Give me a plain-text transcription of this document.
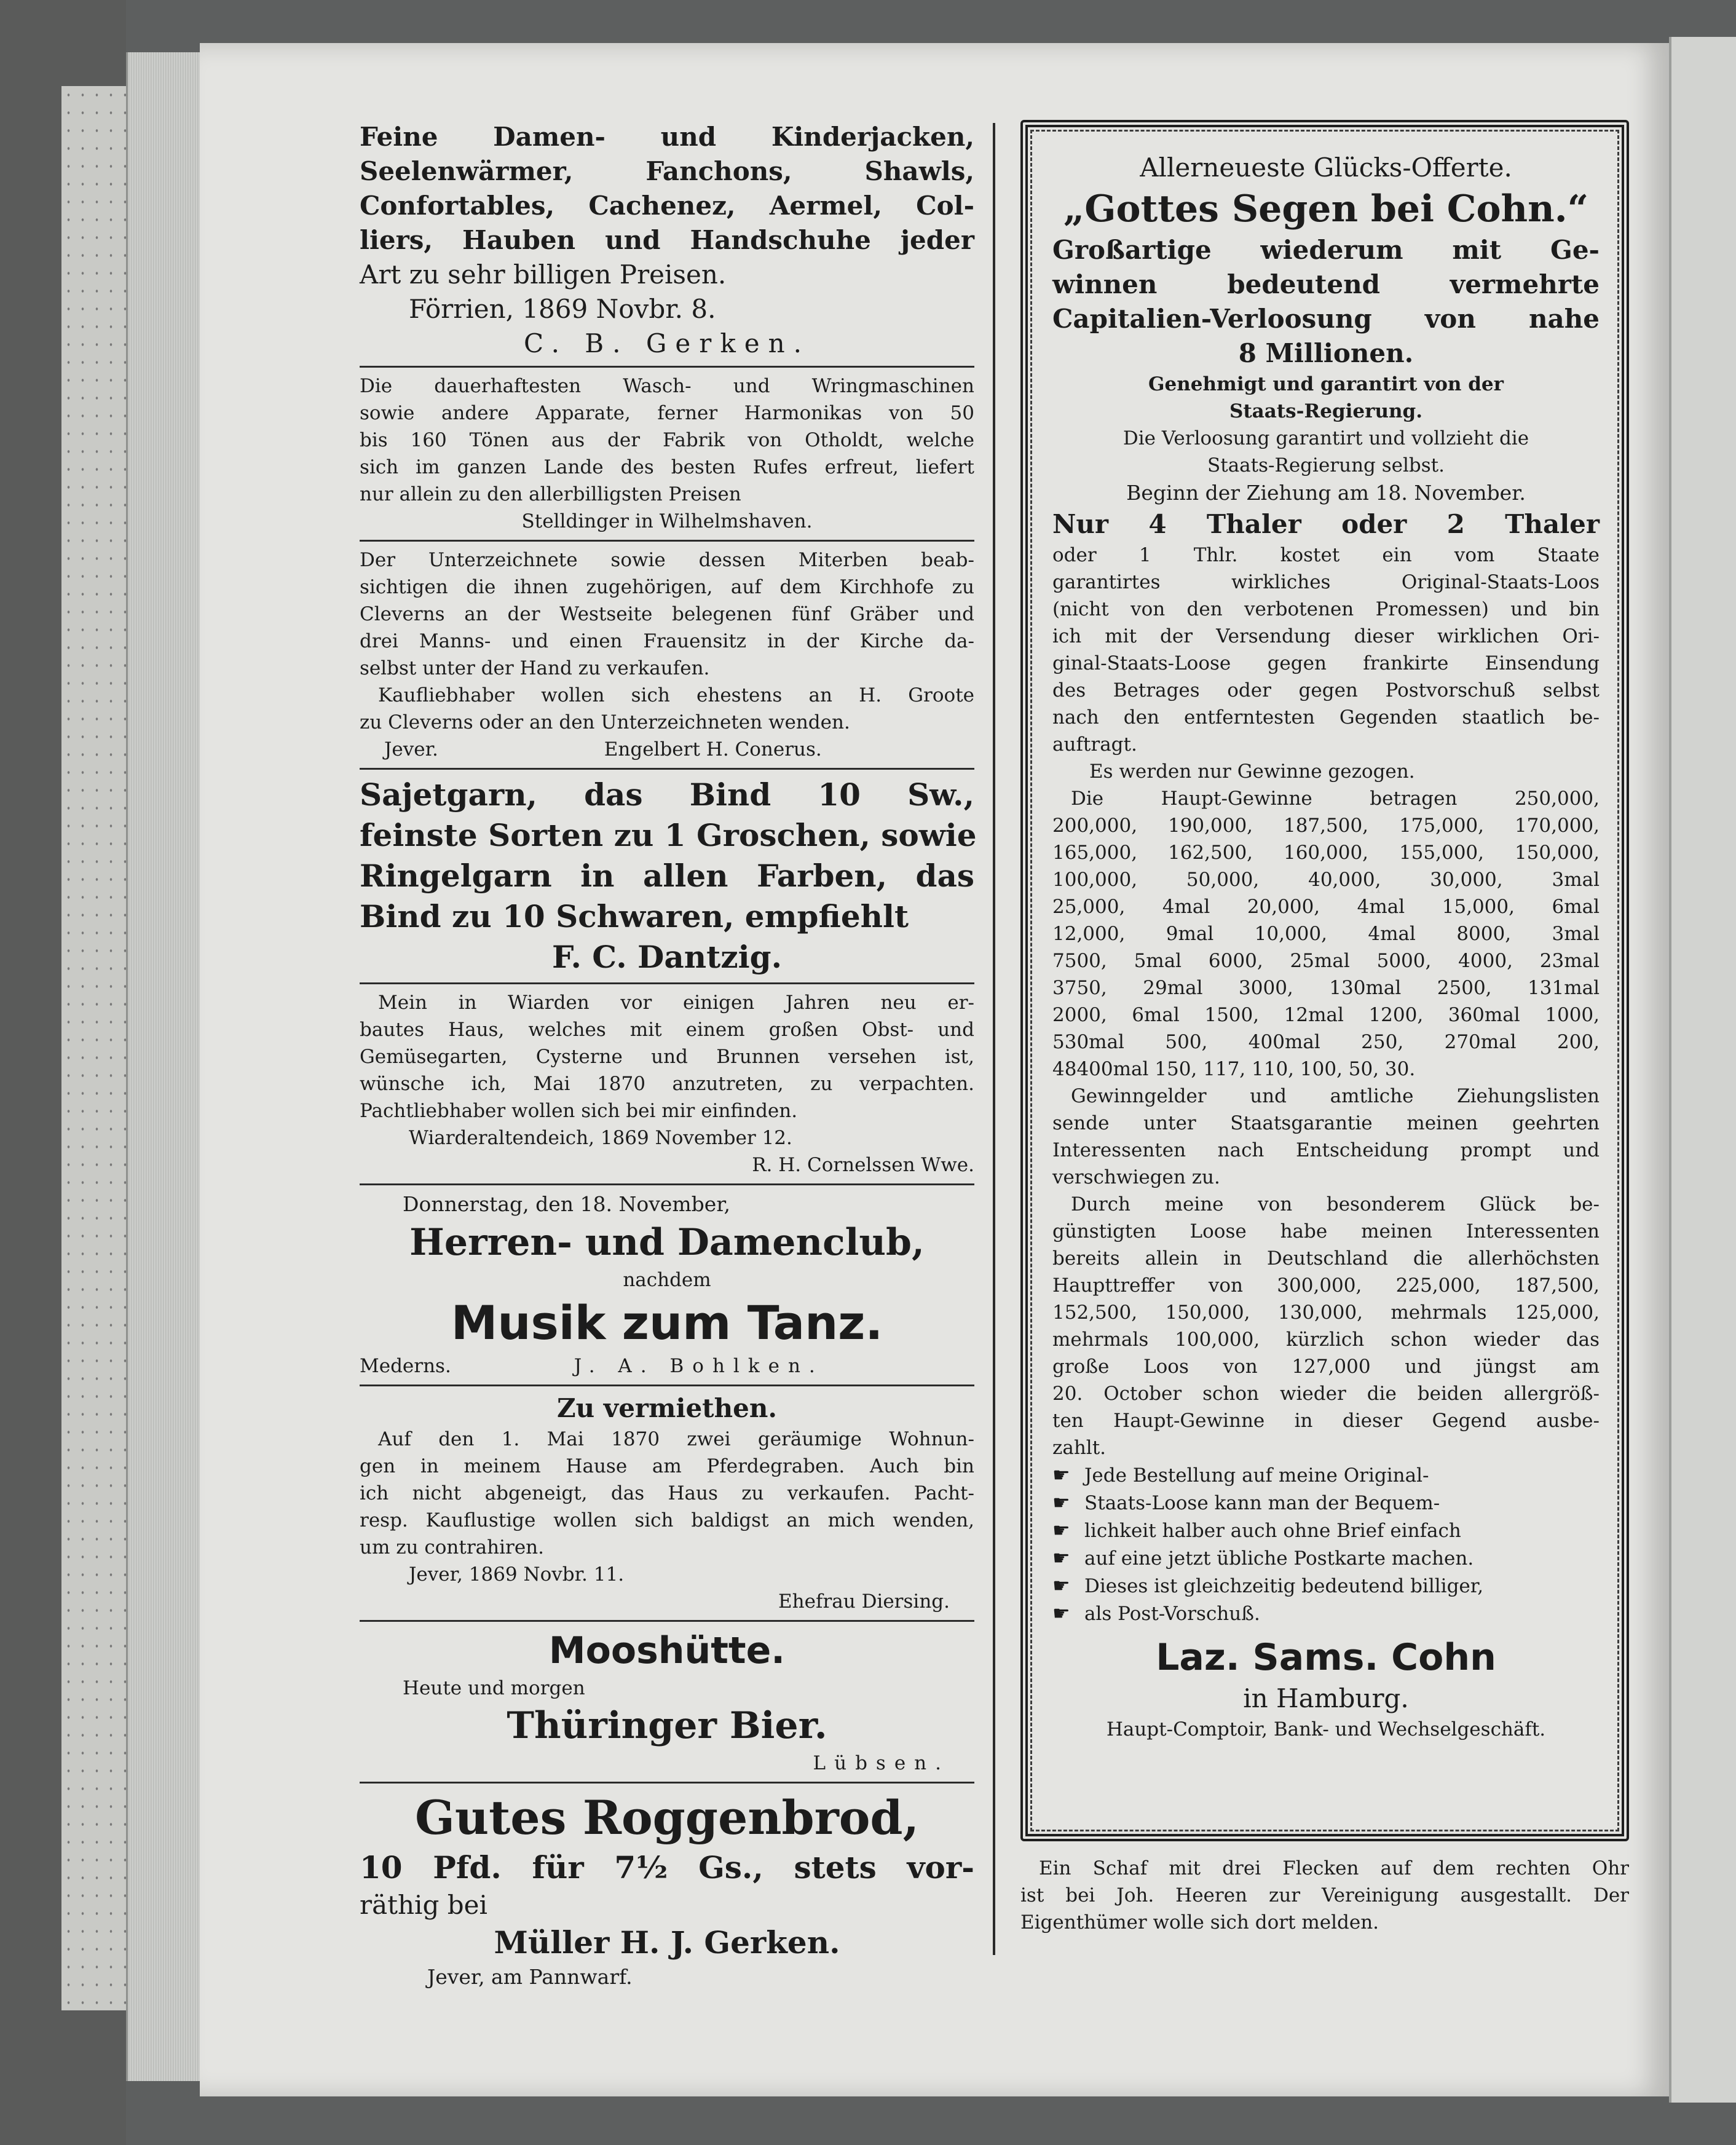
Feine Damen- und Kinderjacken,
Seelenwärmer, Fanchons, Shawls,
Confortables, Cachenez, Aermel, Col-
liers, Hauben und Handschuhe jeder
Art zu sehr billigen Preisen.
Förrien, 1869 Novbr. 8.
C. B. Gerken.
Die dauerhaftesten Wasch- und Wringmaschinen
sowie andere Apparate, ferner Harmonikas von 50
bis 160 Tönen aus der Fabrik von Otholdt, welche
sich im ganzen Lande des besten Rufes erfreut, liefert
nur allein zu den allerbilligsten Preisen
Stelldinger in Wilhelmshaven.
Der Unterzeichnete sowie dessen Miterben beab-
sichtigen die ihnen zugehörigen, auf dem Kirchhofe zu
Cleverns an der Westseite belegenen fünf Gräber und
drei Manns- und einen Frauensitz in der Kirche da-
selbst unter der Hand zu verkaufen.
Kaufliebhaber wollen sich ehestens an H. Groote
zu Cleverns oder an den Unterzeichneten wenden.
Jever.	Engelbert H. Conerus.
Sajetgarn, das Bind 10 Sw.,
feinste Sorten zu 1 Groschen, sowie
Ringelgarn in allen Farben, das
Bind zu 10 Schwaren, empfiehlt
F. C. Dantzig.
Mein in Wiarden vor einigen Jahren neu er-
bautes Haus, welches mit einem großen Obst- und
Gemüsegarten, Cysterne und Brunnen versehen ist,
wünsche ich, Mai 1870 anzutreten, zu verpachten.
Pachtliebhaber wollen sich bei mir einfinden.
Wiarderaltendeich, 1869 November 12.
R. H. Cornelssen Wwe.
Donnerstag, den 18. November,
Herren- und Damenclub,
nachdem
Musik zum Tanz.
Mederns.	J. A. Bohlken.
Zu vermiethen.
Auf den 1. Mai 1870 zwei geräumige Wohnun-
gen in meinem Hause am Pferdegraben. Auch bin
ich nicht abgeneigt, das Haus zu verkaufen. Pacht-
resp. Kauflustige wollen sich baldigst an mich wenden,
um zu contrahiren.
Jever, 1869 Novbr. 11.
Ehefrau Diersing.
Mooshütte.
Heute und morgen
Thüringer Bier.
Lübsen.
Gutes Roggenbrod,
10 Pfd. für 7½ Gs., stets vor-
räthig bei
Müller H. J. Gerken.
Jever, am Pannwarf.
Allerneueste Glücks-Offerte.
„Gottes Segen bei Cohn.“
Großartige wiederum mit Ge-
winnen bedeutend vermehrte
Capitalien-Verloosung von nahe
8 Millionen.
Genehmigt und garantirt von der
Staats-Regierung.
Die Verloosung garantirt und vollzieht die
Staats-Regierung selbst.
Beginn der Ziehung am 18. November.
Nur 4 Thaler oder 2 Thaler
oder 1 Thlr. kostet ein vom Staate
garantirtes wirkliches Original-Staats-Loos
(nicht von den verbotenen Promessen) und bin
ich mit der Versendung dieser wirklichen Ori-
ginal-Staats-Loose gegen frankirte Einsendung
des Betrages oder gegen Postvorschuß selbst
nach den entferntesten Gegenden staatlich be-
auftragt.
Es werden nur Gewinne gezogen.
Die Haupt-Gewinne betragen 250,000,
200,000, 190,000, 187,500, 175,000, 170,000,
165,000, 162,500, 160,000, 155,000, 150,000,
100,000, 50,000, 40,000, 30,000, 3mal
25,000, 4mal 20,000, 4mal 15,000, 6mal
12,000, 9mal 10,000, 4mal 8000, 3mal
7500, 5mal 6000, 25mal 5000, 4000, 23mal
3750, 29mal 3000, 130mal 2500, 131mal
2000, 6mal 1500, 12mal 1200, 360mal 1000,
530mal 500, 400mal 250, 270mal 200,
48400mal 150, 117, 110, 100, 50, 30.
Gewinngelder und amtliche Ziehungslisten
sende unter Staatsgarantie meinen geehrten
Interessenten nach Entscheidung prompt und
verschwiegen zu.
Durch meine von besonderem Glück be-
günstigten Loose habe meinen Interessenten
bereits allein in Deutschland die allerhöchsten
Haupttreffer von 300,000, 225,000, 187,500,
152,500, 150,000, 130,000, mehrmals 125,000,
mehrmals 100,000, kürzlich schon wieder das
große Loos von 127,000 und jüngst am
20. October schon wieder die beiden allergröß-
ten Haupt-Gewinne in dieser Gegend ausbe-
zahlt.
☛ Jede Bestellung auf meine Original-
☛ Staats-Loose kann man der Bequem-
☛ lichkeit halber auch ohne Brief einfach
☛ auf eine jetzt übliche Postkarte machen.
☛ Dieses ist gleichzeitig bedeutend billiger,
☛ als Post-Vorschuß.
Laz. Sams. Cohn
in Hamburg.
Haupt-Comptoir, Bank- und Wechselgeschäft.
Ein Schaf mit drei Flecken auf dem rechten Ohr
ist bei Joh. Heeren zur Vereinigung ausgestallt. Der
Eigenthümer wolle sich dort melden.
